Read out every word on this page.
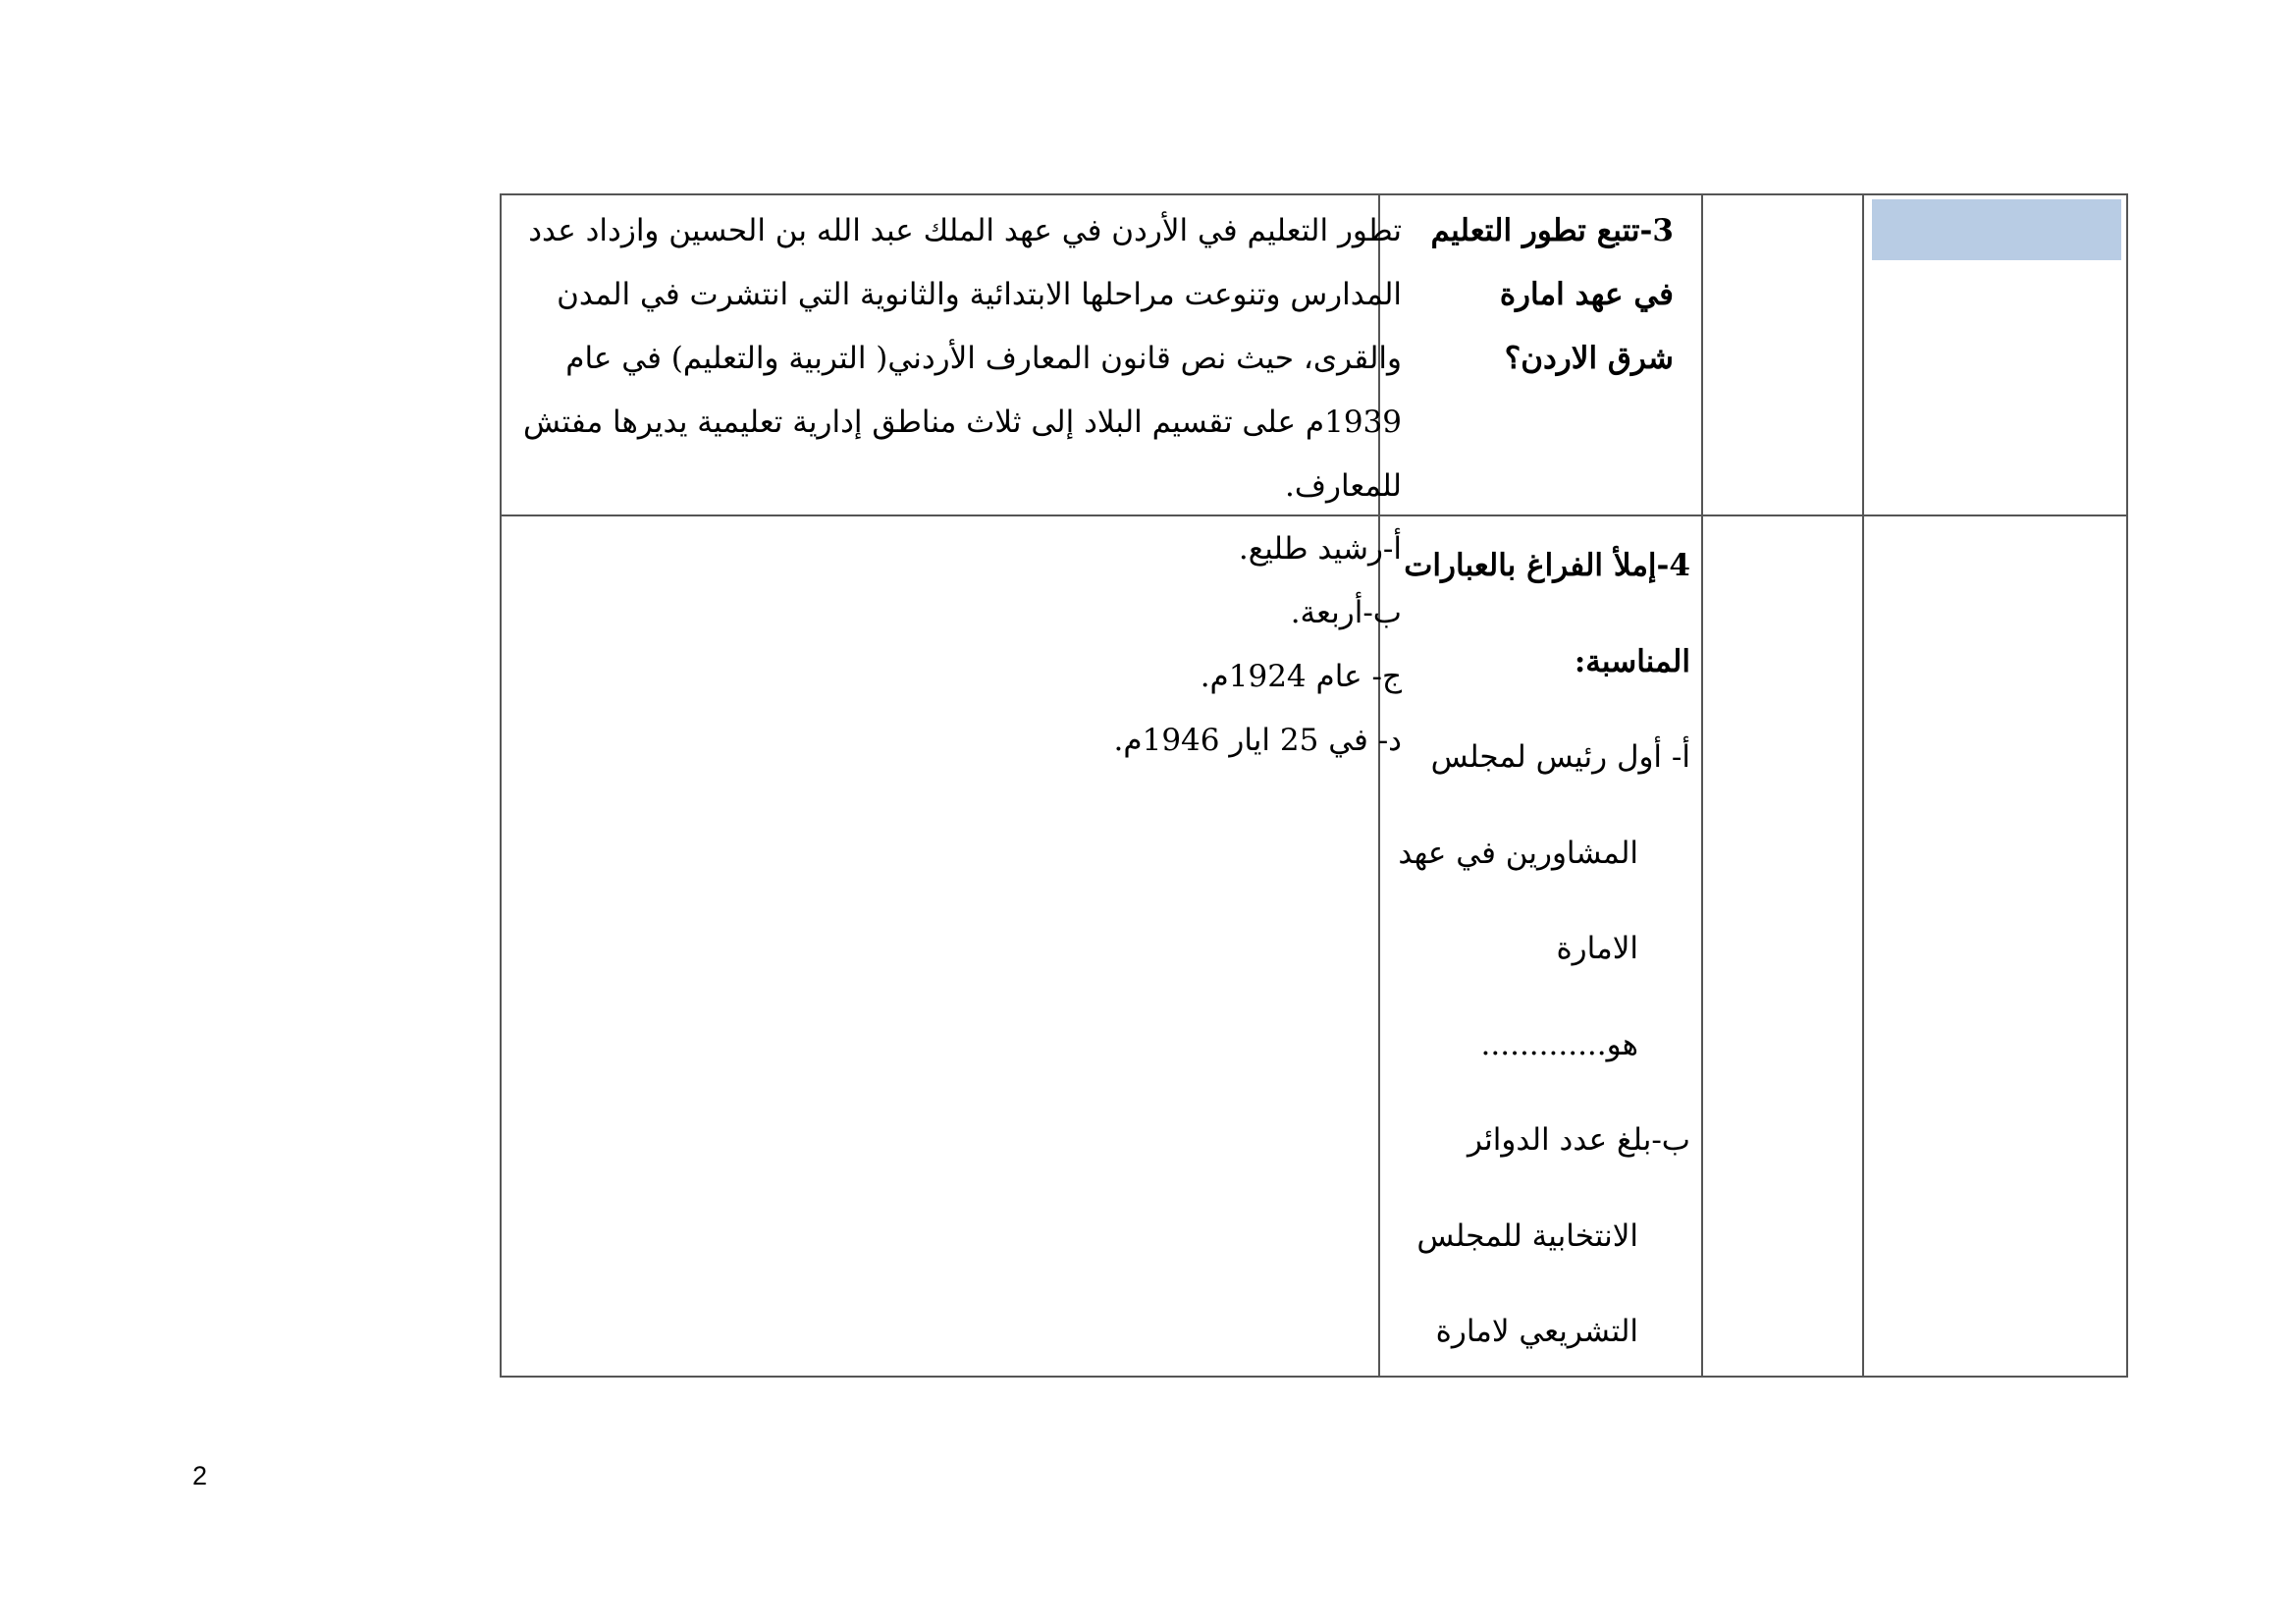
3-تتبع تطور التعليم

في عهد امارة

شرق الاردن؟

تطور التعليم في الأردن في عهد الملك عبد الله بن الحسين وازداد عدد

المدارس وتنوعت مراحلها الابتدائية والثانوية التي انتشرت في المدن

والقرى، حيث نص قانون المعارف الأردني( التربية والتعليم) في عام

1939م على تقسيم البلاد إلى ثلاث مناطق إدارية تعليمية يديرها مفتش

للمعارف.

4-إملأ الفراغ بالعبارات

المناسبة:

أ- أول رئيس لمجلس

المشاورين في عهد

الامارة

هو.............

ب-بلغ عدد الدوائر

الانتخابية للمجلس

التشريعي لامارة

أ-رشيد طليع.

ب-أربعة.

ج- عام 1924م.

د- في 25 ايار 1946م.

2
